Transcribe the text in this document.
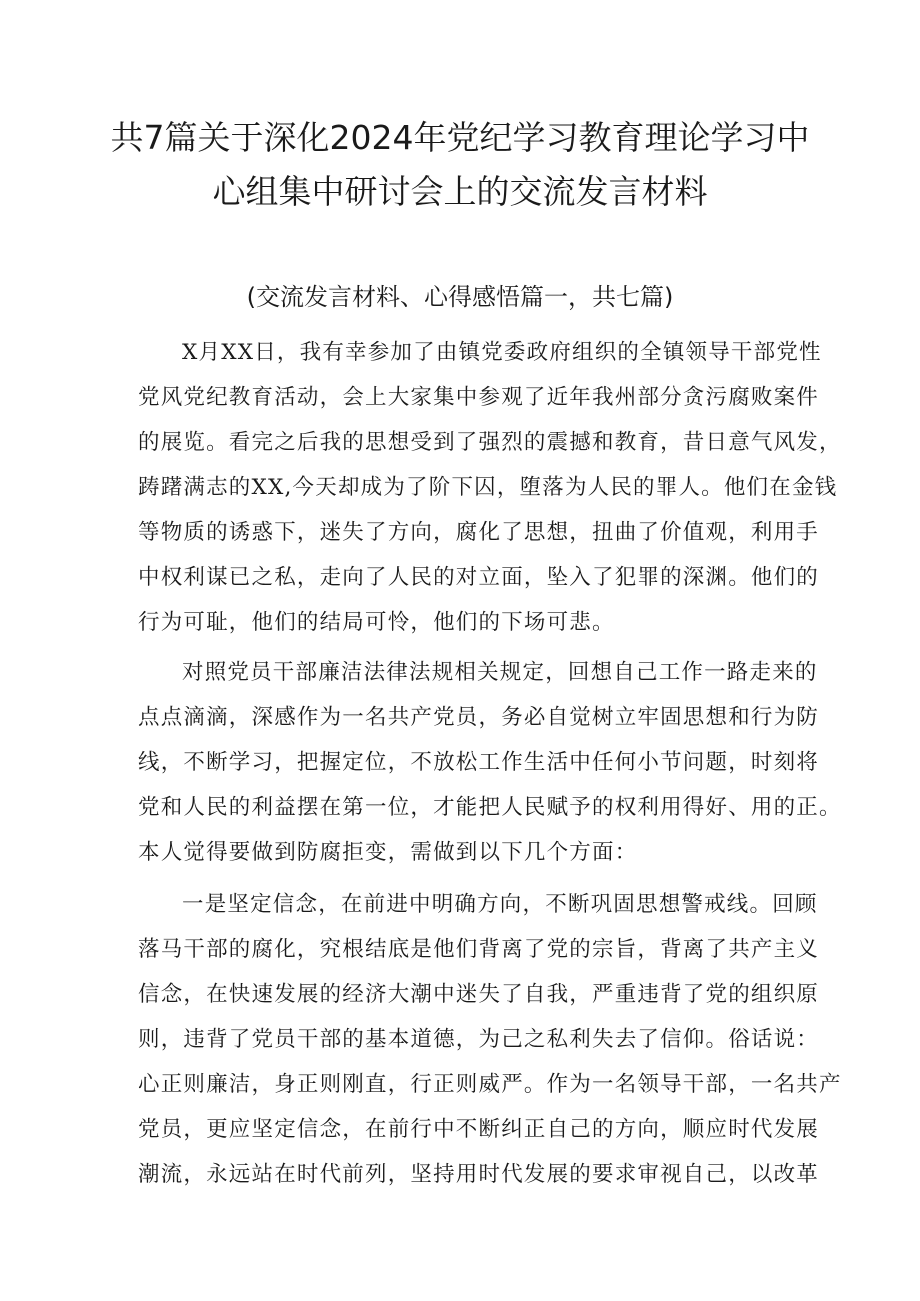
共7篇关于深化2024年党纪学习教育理论学习中
心组集中研讨会上的交流发言材料
(交流发言材料、心得感悟篇一，共七篇)
X月XX日，我有幸参加了由镇党委政府组织的全镇领导干部党性
党风党纪教育活动，会上大家集中参观了近年我州部分贪污腐败案件
的展览。看完之后我的思想受到了强烈的震撼和教育，昔日意气风发，
踌躇满志的XX,今天却成为了阶下囚，堕落为人民的罪人。他们在金钱
等物质的诱惑下，迷失了方向，腐化了思想，扭曲了价值观，利用手
中权利谋已之私，走向了人民的对立面，坠入了犯罪的深渊。他们的
行为可耻，他们的结局可怜，他们的下场可悲。
对照党员干部廉洁法律法规相关规定，回想自己工作一路走来的
点点滴滴，深感作为一名共产党员，务必自觉树立牢固思想和行为防
线，不断学习，把握定位，不放松工作生活中任何小节问题，时刻将
党和人民的利益摆在第一位，才能把人民赋予的权利用得好、用的正。
本人觉得要做到防腐拒变，需做到以下几个方面：
一是坚定信念，在前进中明确方向，不断巩固思想警戒线。回顾
落马干部的腐化，究根结底是他们背离了党的宗旨，背离了共产主义
信念，在快速发展的经济大潮中迷失了自我，严重违背了党的组织原
则，违背了党员干部的基本道德，为己之私利失去了信仰。俗话说：
心正则廉洁，身正则刚直，行正则威严。作为一名领导干部，一名共产
党员，更应坚定信念，在前行中不断纠正自己的方向，顺应时代发展
潮流，永远站在时代前列，坚持用时代发展的要求审视自己，以改革
